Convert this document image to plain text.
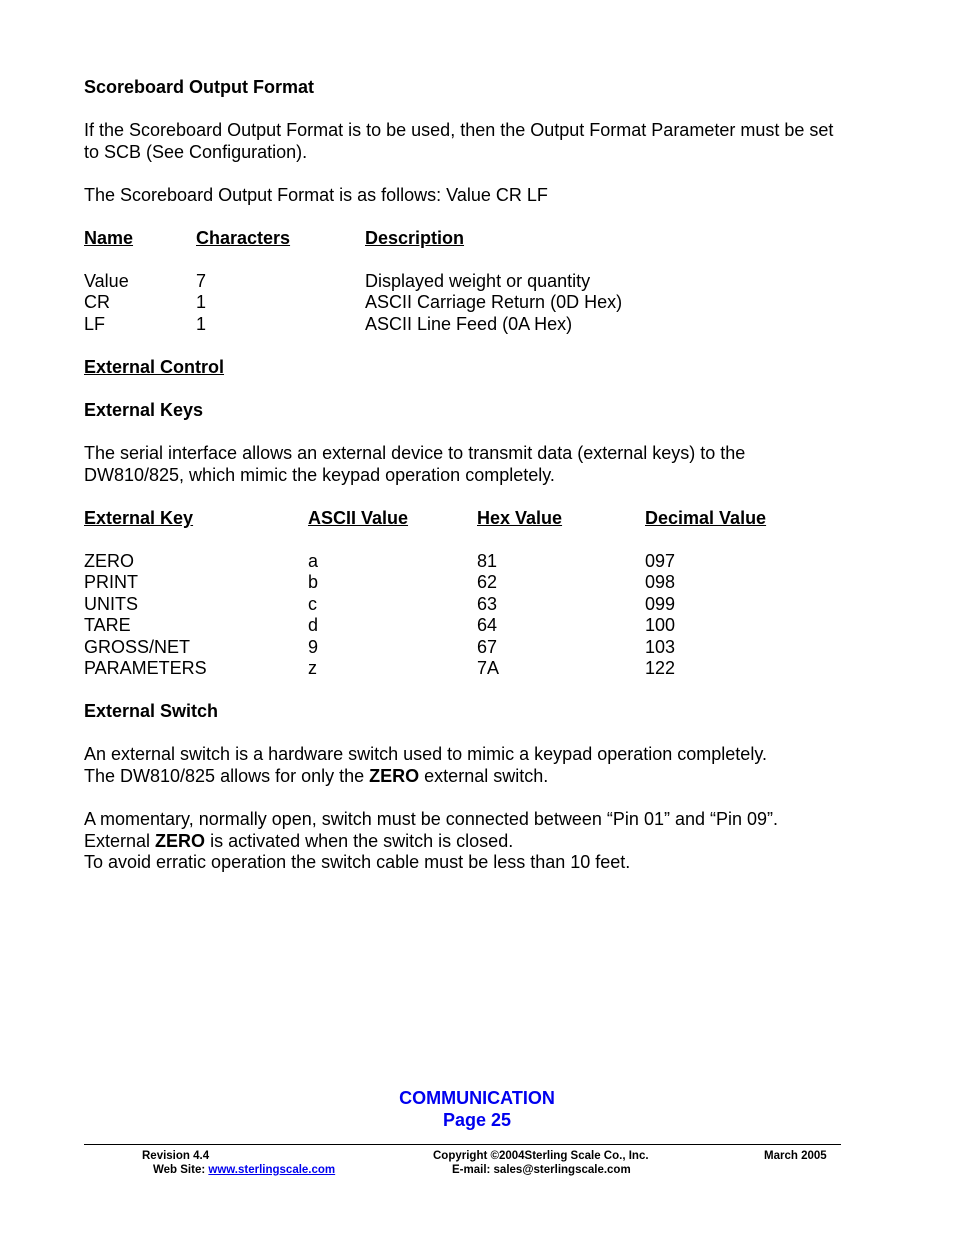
Scoreboard Output Format
If the Scoreboard Output Format is to be used, then the Output Format Parameter must be set
to SCB (See Configuration).
The Scoreboard Output Format is as follows: Value CR LF
Name	Characters	Description
Value	7	Displayed weight or quantity
CR	1	ASCII Carriage Return (0D Hex)
LF	1	ASCII Line Feed (0A Hex)
External Control
External Keys
The serial interface allows an external device to transmit data (external keys) to the
DW810/825, which mimic the keypad operation completely.
External Key	ASCII Value	Hex Value	Decimal Value
ZERO	a	81	097
PRINT	b	62	098
UNITS	c	63	099
TARE	d	64	100
GROSS/NET	9	67	103
PARAMETERS	z	7A	122
External Switch
An external switch is a hardware switch used to mimic a keypad operation completely.
The DW810/825 allows for only the ZERO external switch.
A momentary, normally open, switch must be connected between “Pin 01” and “Pin 09”.
External ZERO is activated when the switch is closed.
To avoid erratic operation the switch cable must be less than 10 feet.
COMMUNICATION
Page 25
Revision 4.4	Copyright ©2004Sterling Scale Co., Inc.	March 2005
Web Site: www.sterlingscale.com	E-mail: sales@sterlingscale.com
